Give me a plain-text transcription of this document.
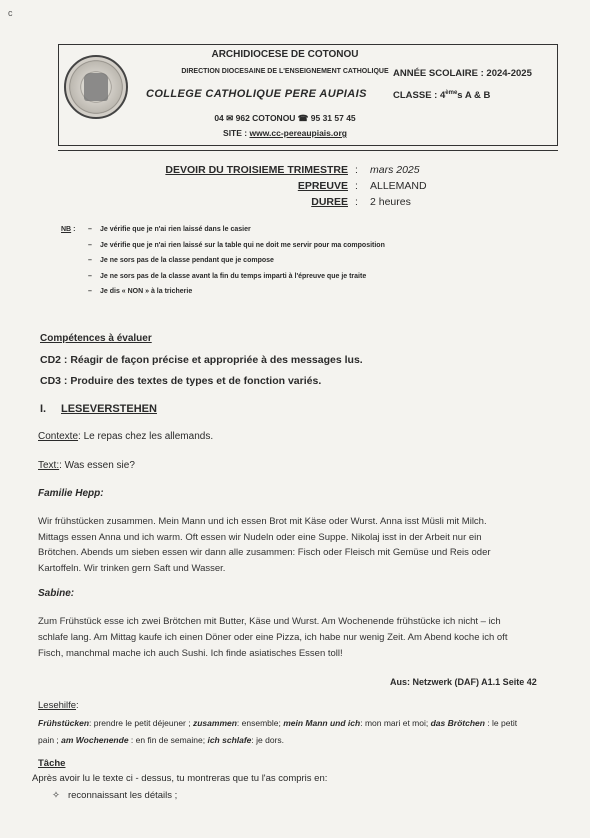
c
ARCHIDIOCESE DE COTONOU
DIRECTION DIOCESAINE DE L'ENSEIGNEMENT CATHOLIQUE ANNÉE SCOLAIRE : 2024-2025
COLLEGE CATHOLIQUE PERE AUPIAIS	CLASSE : 4èmes A & B
04 ✉ 962 COTONOU ☎ 95 31 57 45
SITE : www.cc-pereaupiais.org
DEVOIR DU TROISIEME TRIMESTRE : mars 2025
EPREUVE : ALLEMAND
DUREE : 2 heures
NB : – Je vérifie que je n'ai rien laissé dans le casier
– Je vérifie que je n'ai rien laissé sur la table qui ne doit me servir pour ma composition
– Je ne sors pas de la classe pendant que je compose
– Je ne sors pas de la classe avant la fin du temps imparti à l'épreuve que je traite
– Je dis « NON » à la tricherie
Compétences à évaluer
CD2 : Réagir de façon précise et appropriée à des messages lus.
CD3 : Produire des textes de types et de fonction variés.
I. LESEVERSTEHEN
Contexte: Le repas chez les allemands.
Text:: Was essen sie?
Familie Hepp:
Wir frühstücken zusammen. Mein Mann und ich essen Brot mit Käse oder Wurst. Anna isst Müsli mit Milch.
Mittags essen Anna und ich warm. Oft essen wir Nudeln oder eine Suppe. Nikolaj isst in der Arbeit nur ein
Brötchen. Abends um sieben essen wir dann alle zusammen: Fisch oder Fleisch mit Gemüse und Reis oder
Kartoffeln. Wir trinken gern Saft und Wasser.
Sabine:
Zum Frühstück esse ich zwei Brötchen mit Butter, Käse und Wurst. Am Wochenende frühstücke ich nicht – ich
schlafe lang. Am Mittag kaufe ich einen Döner oder eine Pizza, ich habe nur wenig Zeit. Am Abend koche ich oft
Fisch, manchmal mache ich auch Sushi. Ich finde asiatisches Essen toll!
Aus: Netzwerk (DAF) A1.1 Seite 42
Lesehilfe:
Frühstücken: prendre le petit déjeuner ; zusammen: ensemble; mein Mann und ich: mon mari et moi; das Brötchen : le petit
pain ; am Wochenende : en fin de semaine; ich schlafe: je dors.
Tâche
Après avoir lu le texte ci - dessus, tu montreras que tu l'as compris en:
✧ reconnaissant les détails ;
